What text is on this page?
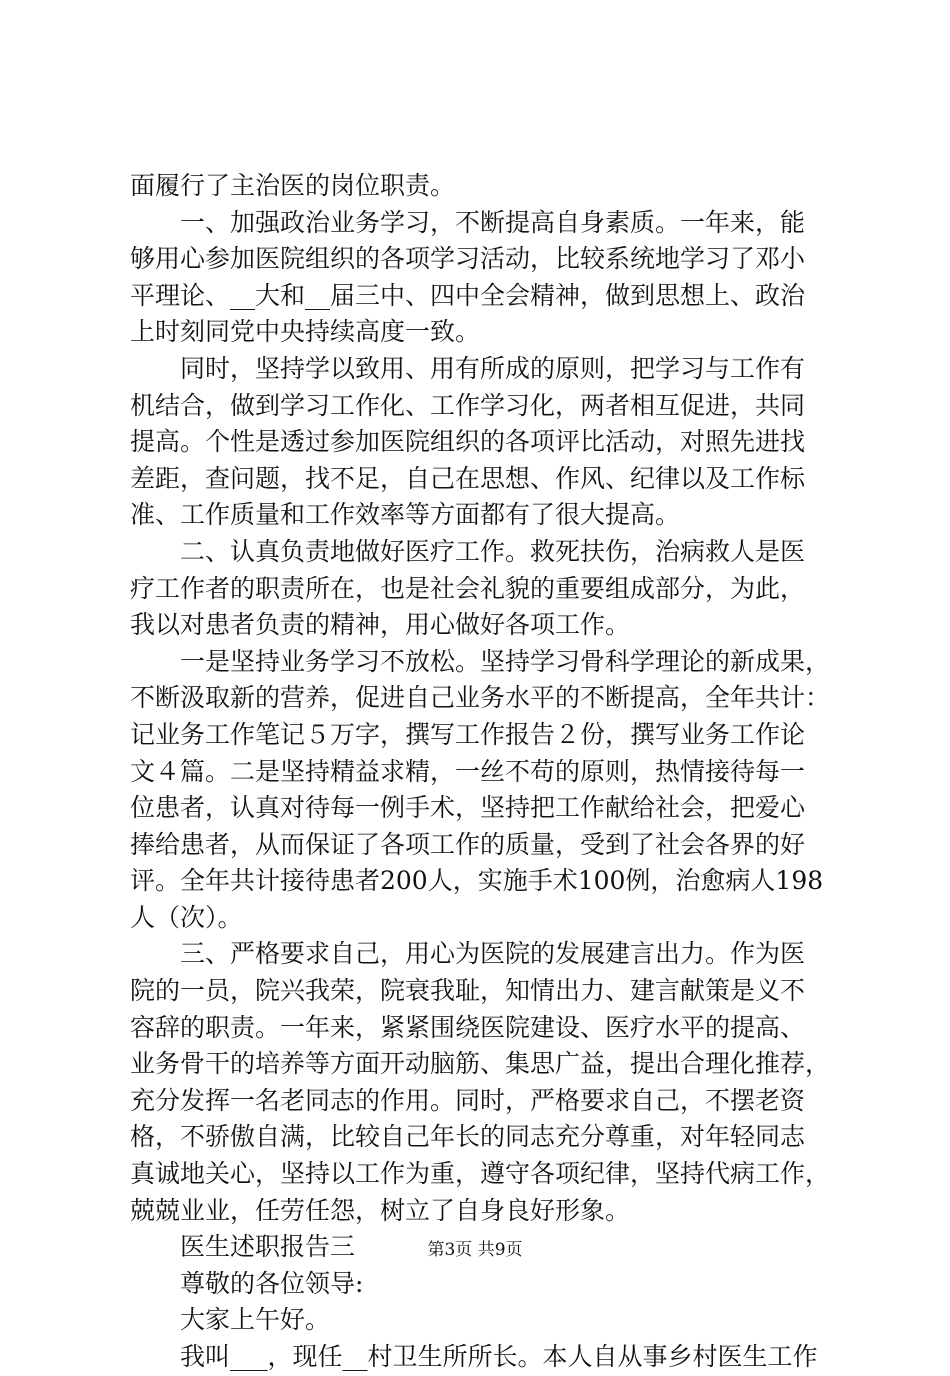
面履行了主治医的岗位职责。
　　一、加强政治业务学习，不断提高自身素质。一年来，能
够用心参加医院组织的各项学习活动，比较系统地学习了邓小
平理论、__大和__届三中、四中全会精神，做到思想上、政治
上时刻同党中央持续高度一致。
　　同时，坚持学以致用、用有所成的原则，把学习与工作有
机结合，做到学习工作化、工作学习化，两者相互促进，共同
提高。个性是透过参加医院组织的各项评比活动，对照先进找
差距，查问题，找不足，自己在思想、作风、纪律以及工作标
准、工作质量和工作效率等方面都有了很大提高。
　　二、认真负责地做好医疗工作。救死扶伤，治病救人是医
疗工作者的职责所在，也是社会礼貌的重要组成部分，为此，
我以对患者负责的精神，用心做好各项工作。
　　一是坚持业务学习不放松。坚持学习骨科学理论的新成果，
不断汲取新的营养，促进自己业务水平的不断提高，全年共计：
记业务工作笔记５万字，撰写工作报告２份，撰写业务工作论
文４篇。二是坚持精益求精，一丝不苟的原则，热情接待每一
位患者，认真对待每一例手术，坚持把工作献给社会，把爱心
捧给患者，从而保证了各项工作的质量，受到了社会各界的好
评。全年共计接待患者200人，实施手术100例，治愈病人198
人（次）。
　　三、严格要求自己，用心为医院的发展建言出力。作为医
院的一员，院兴我荣，院衰我耻，知情出力、建言献策是义不
容辞的职责。一年来，紧紧围绕医院建设、医疗水平的提高、
业务骨干的培养等方面开动脑筋、集思广益，提出合理化推荐，
充分发挥一名老同志的作用。同时，严格要求自己，不摆老资
格，不骄傲自满，比较自己年长的同志充分尊重，对年轻同志
真诚地关心，坚持以工作为重，遵守各项纪律，坚持代病工作，
兢兢业业，任劳任怨，树立了自身良好形象。
　　医生述职报告三
　　尊敬的各位领导:
　　大家上午好。
　　我叫___，现任__村卫生所所长。本人自从事乡村医生工作
第3页 共9页
